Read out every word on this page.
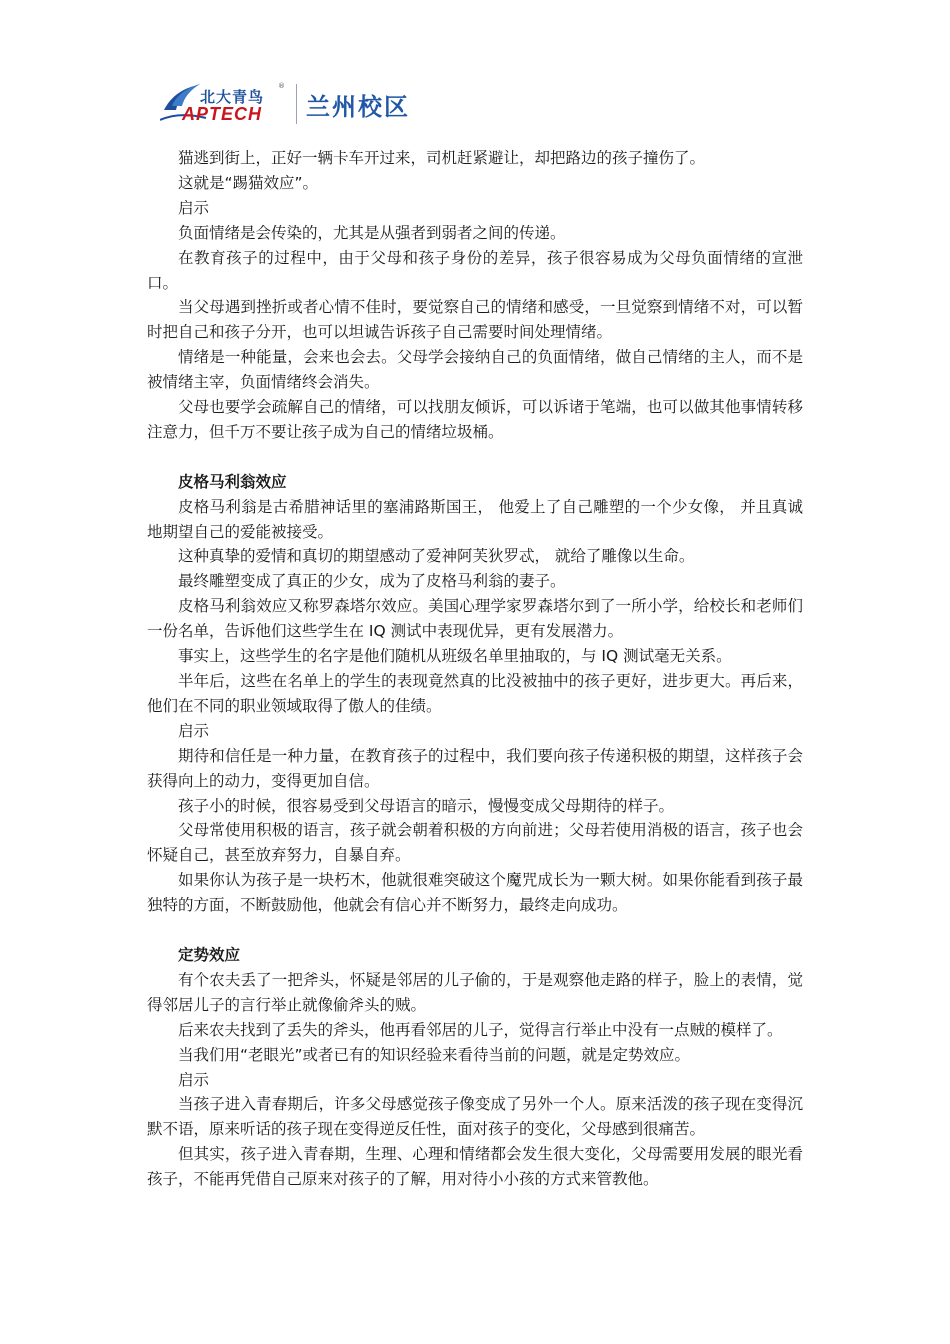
北大青鸟
®
APTECH 兰州校区

猫逃到街上，正好一辆卡车开过来，司机赶紧避让，却把路边的孩子撞伤了。

这就是“踢猫效应”。

启示

负面情绪是会传染的，尤其是从强者到弱者之间的传递。

在教育孩子的过程中，由于父母和孩子身份的差异，孩子很容易成为父母负面情绪的宣泄口。

当父母遇到挫折或者心情不佳时，要觉察自己的情绪和感受，一旦觉察到情绪不对，可以暂时把自己和孩子分开，也可以坦诚告诉孩子自己需要时间处理情绪。

情绪是一种能量，会来也会去。父母学会接纳自己的负面情绪，做自己情绪的主人，而不是被情绪主宰，负面情绪终会消失。

父母也要学会疏解自己的情绪，可以找朋友倾诉，可以诉诸于笔端，也可以做其他事情转移注意力，但千万不要让孩子成为自己的情绪垃圾桶。

皮格马利翁效应

皮格马利翁是古希腊神话里的塞浦路斯国王， 他爱上了自己雕塑的一个少女像， 并且真诚地期望自己的爱能被接受。

这种真挚的爱情和真切的期望感动了爱神阿芙狄罗忒， 就给了雕像以生命。

最终雕塑变成了真正的少女，成为了皮格马利翁的妻子。

皮格马利翁效应又称罗森塔尔效应。美国心理学家罗森塔尔到了一所小学，给校长和老师们一份名单，告诉他们这些学生在 IQ 测试中表现优异，更有发展潜力。

事实上，这些学生的名字是他们随机从班级名单里抽取的，与 IQ 测试毫无关系。

半年后，这些在名单上的学生的表现竟然真的比没被抽中的孩子更好，进步更大。再后来，他们在不同的职业领域取得了傲人的佳绩。

启示

期待和信任是一种力量，在教育孩子的过程中，我们要向孩子传递积极的期望，这样孩子会获得向上的动力，变得更加自信。

孩子小的时候，很容易受到父母语言的暗示，慢慢变成父母期待的样子。

父母常使用积极的语言，孩子就会朝着积极的方向前进；父母若使用消极的语言，孩子也会怀疑自己，甚至放弃努力，自暴自弃。

如果你认为孩子是一块朽木，他就很难突破这个魔咒成长为一颗大树。如果你能看到孩子最独特的方面，不断鼓励他，他就会有信心并不断努力，最终走向成功。

定势效应

有个农夫丢了一把斧头，怀疑是邻居的儿子偷的，于是观察他走路的样子，脸上的表情，觉得邻居儿子的言行举止就像偷斧头的贼。

后来农夫找到了丢失的斧头，他再看邻居的儿子，觉得言行举止中没有一点贼的模样了。

当我们用“老眼光”或者已有的知识经验来看待当前的问题，就是定势效应。

启示

当孩子进入青春期后，许多父母感觉孩子像变成了另外一个人。原来活泼的孩子现在变得沉默不语，原来听话的孩子现在变得逆反任性，面对孩子的变化，父母感到很痛苦。

但其实，孩子进入青春期，生理、心理和情绪都会发生很大变化，父母需要用发展的眼光看孩子，不能再凭借自己原来对孩子的了解，用对待小小孩的方式来管教他。
